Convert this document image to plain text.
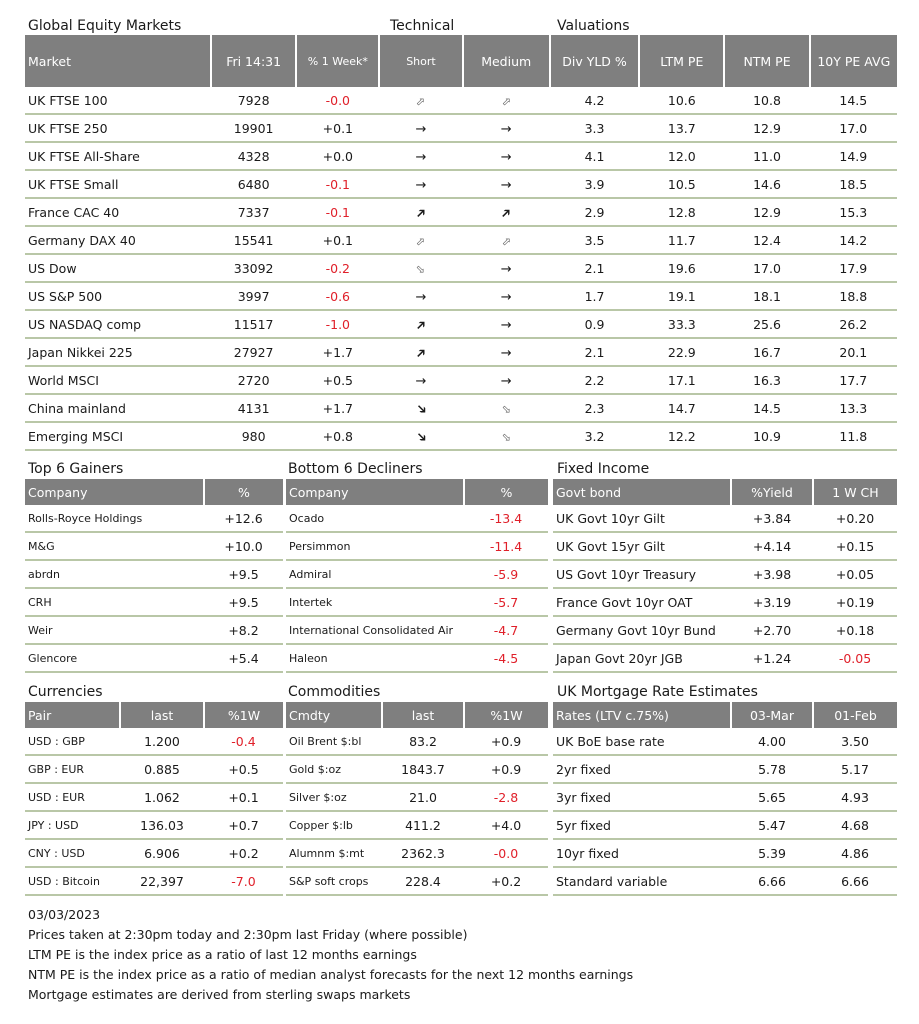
Global Equity Markets	Technical	Valuations
Market	Fri 14:31	% 1 Week*	Short	Medium	Div YLD %	LTM PE	NTM PE	10Y PE AVG
UK FTSE 100	7928	-0.0	⇨	⇨	4.2	10.6	10.8	14.5
UK FTSE 250	19901	+0.1	→	→	3.3	13.7	12.9	17.0
UK FTSE All-Share	4328	+0.0	→	→	4.1	12.0	11.0	14.9
UK FTSE Small	6480	-0.1	→	→	3.9	10.5	14.6	18.5
France CAC 40	7337	-0.1	➔	➔	2.9	12.8	12.9	15.3
Germany DAX 40	15541	+0.1	⇨	⇨	3.5	11.7	12.4	14.2
US Dow	33092	-0.2	⇨	→	2.1	19.6	17.0	17.9
US S&P 500	3997	-0.6	→	→	1.7	19.1	18.1	18.8
US NASDAQ comp	11517	-1.0	➔	→	0.9	33.3	25.6	26.2
Japan Nikkei 225	27927	+1.7	➔	→	2.1	22.9	16.7	20.1
World MSCI	2720	+0.5	→	→	2.2	17.1	16.3	17.7
China mainland	4131	+1.7	➔	⇨	2.3	14.7	14.5	13.3
Emerging MSCI	980	+0.8	➔	⇨	3.2	12.2	10.9	11.8
Top 6 Gainers	Bottom 6 Decliners	Fixed Income
Company	%
Rolls-Royce Holdings	+12.6
M&G	+10.0
abrdn	+9.5
CRH	+9.5
Weir	+8.2
Glencore	+5.4
Company	%
Ocado	-13.4
Persimmon	-11.4
Admiral	-5.9
Intertek	-5.7
International Consolidated Air	-4.7
Haleon	-4.5
Govt bond	%Yield	1 W CH
UK Govt 10yr Gilt	+3.84	+0.20
UK Govt 15yr Gilt	+4.14	+0.15
US Govt 10yr Treasury	+3.98	+0.05
France Govt 10yr OAT	+3.19	+0.19
Germany Govt 10yr Bund	+2.70	+0.18
Japan Govt 20yr JGB	+1.24	-0.05
Currencies	Commodities	UK Mortgage Rate Estimates
Pair	last	%1W
USD : GBP	1.200	-0.4
GBP : EUR	0.885	+0.5
USD : EUR	1.062	+0.1
JPY : USD	136.03	+0.7
CNY : USD	6.906	+0.2
USD : Bitcoin	22,397	-7.0
Cmdty	last	%1W
Oil Brent $:bl	83.2	+0.9
Gold $:oz	1843.7	+0.9
Silver $:oz	21.0	-2.8
Copper $:lb	411.2	+4.0
Alumnm $:mt	2362.3	-0.0
S&P soft crops	228.4	+0.2
Rates (LTV c.75%)	03-Mar	01-Feb
UK BoE base rate	4.00	3.50
2yr fixed	5.78	5.17
3yr fixed	5.65	4.93
5yr fixed	5.47	4.68
10yr fixed	5.39	4.86
Standard variable	6.66	6.66
03/03/2023
Prices taken at 2:30pm today and 2:30pm last Friday (where possible)
LTM PE is the index price as a ratio of last 12 months earnings
NTM PE is the index price as a ratio of median analyst forecasts for the next 12 months earnings
Mortgage estimates are derived from sterling swaps markets
